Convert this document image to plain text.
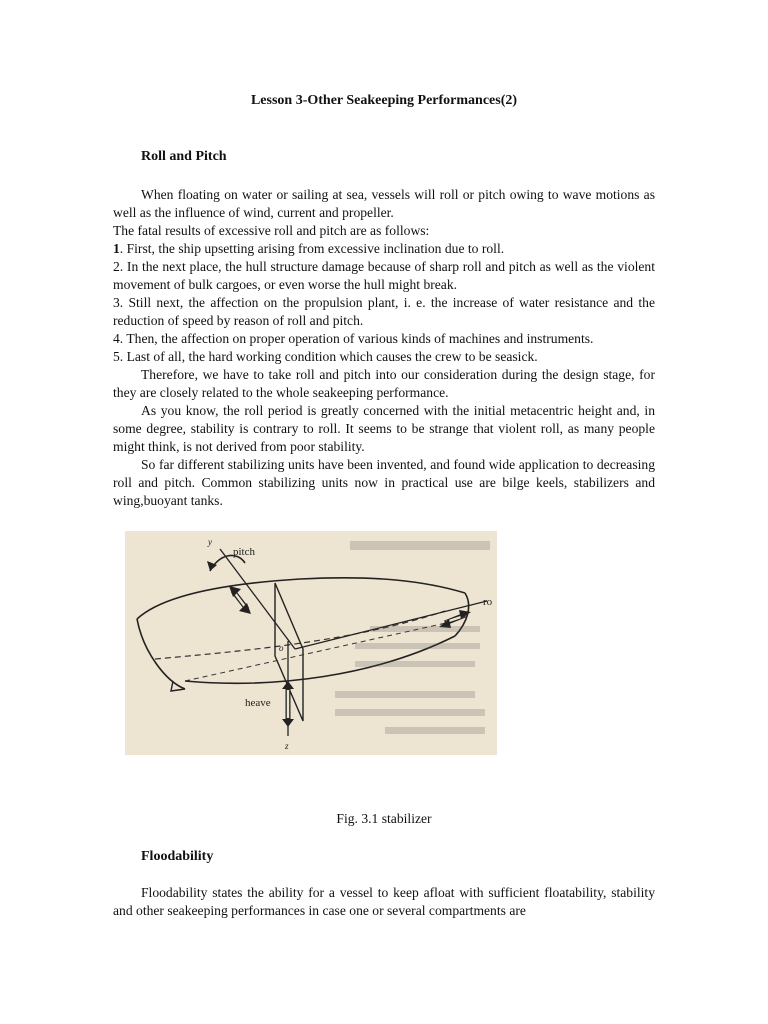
Lesson 3-Other Seakeeping Performances(2)
Roll and Pitch

When floating on water or sailing at sea, vessels will roll or pitch owing to wave motions as well as the influence of wind, current and propeller.

The fatal results of excessive roll and pitch are as follows:

1. First, the ship upsetting arising from excessive inclination due to roll.

2. In the next place, the hull structure damage because of sharp roll and pitch as well as the violent movement of bulk cargoes, or even worse the hull might break.

3. Still next, the affection on the propulsion plant, i. e. the increase of water resistance and the reduction of speed by reason of roll and pitch.

4. Then, the affection on proper operation of various kinds of machines and instruments.

5. Last of all, the hard working condition which causes the crew to be seasick.

Therefore, we have to take roll and pitch into our consideration during the design stage, for they are closely related to the whole seakeeping performance.

As you know, the roll period is greatly concerned with the initial metacentric height and, in some degree, stability is contrary to roll. It seems to be strange that violent roll, as many people might think, is not derived from poor stability.

So far different stabilizing units have been invented, and found wide application to decreasing roll and pitch. Common stabilizing units now in practical use are bilge keels, stabilizers and wing,buoyant tanks.

y
pitch
ro
o
heave
z
Fig. 3.1 stabilizer
Floodability

Floodability states the ability for a vessel to keep afloat with sufficient floatability, stability and other seakeeping performances in case one or several compartments are
